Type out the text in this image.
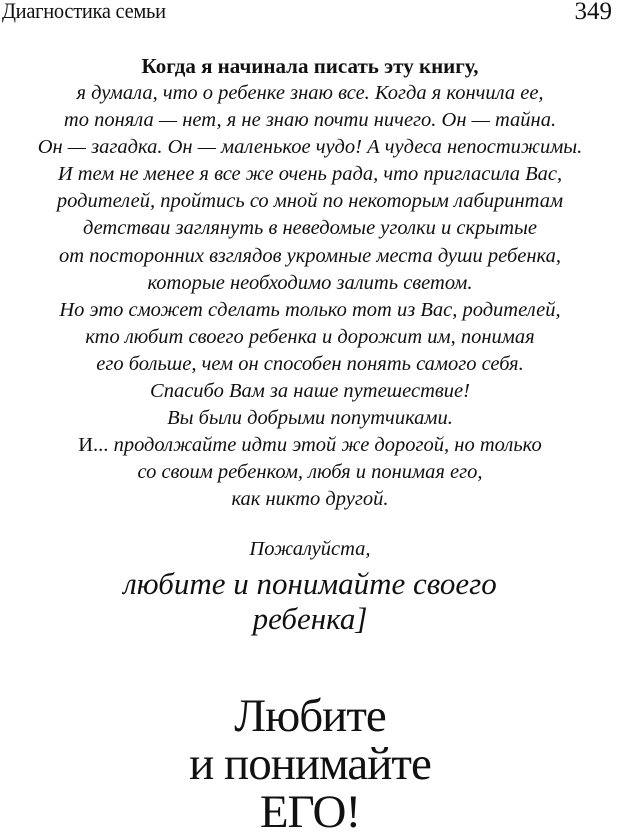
Диагностика семьи	349
Когда я начинала писать эту книгу,
я думала, что о ребенке знаю все. Когда я кончила ее,
то поняла — нет, я не знаю почти ничего. Он — тайна.
Он — загадка. Он — маленькое чудо! А чудеса непостижимы.
И тем не менее я все же очень рада, что пригласила Вас,
родителей, пройтись со мной по некоторым лабиринтам
детстваи заглянуть в неведомые уголки и скрытые
от посторонних взглядов укромные места души ребенка,
которые необходимо залить светом.
Но это сможет сделать только тот из Вас, родителей,
кто любит своего ребенка и дорожит им, понимая
его больше, чем он способен понять самого себя.
Спасибо Вам за наше путешествие!
Вы были добрыми попутчиками.
И... продолжайте идти этой же дорогой, но только
со своим ребенком, любя и понимая его,
как никто другой.
Пожалуйста,
любите и понимайте своего
ребенка]
Любите
и понимайте
ЕГО!
